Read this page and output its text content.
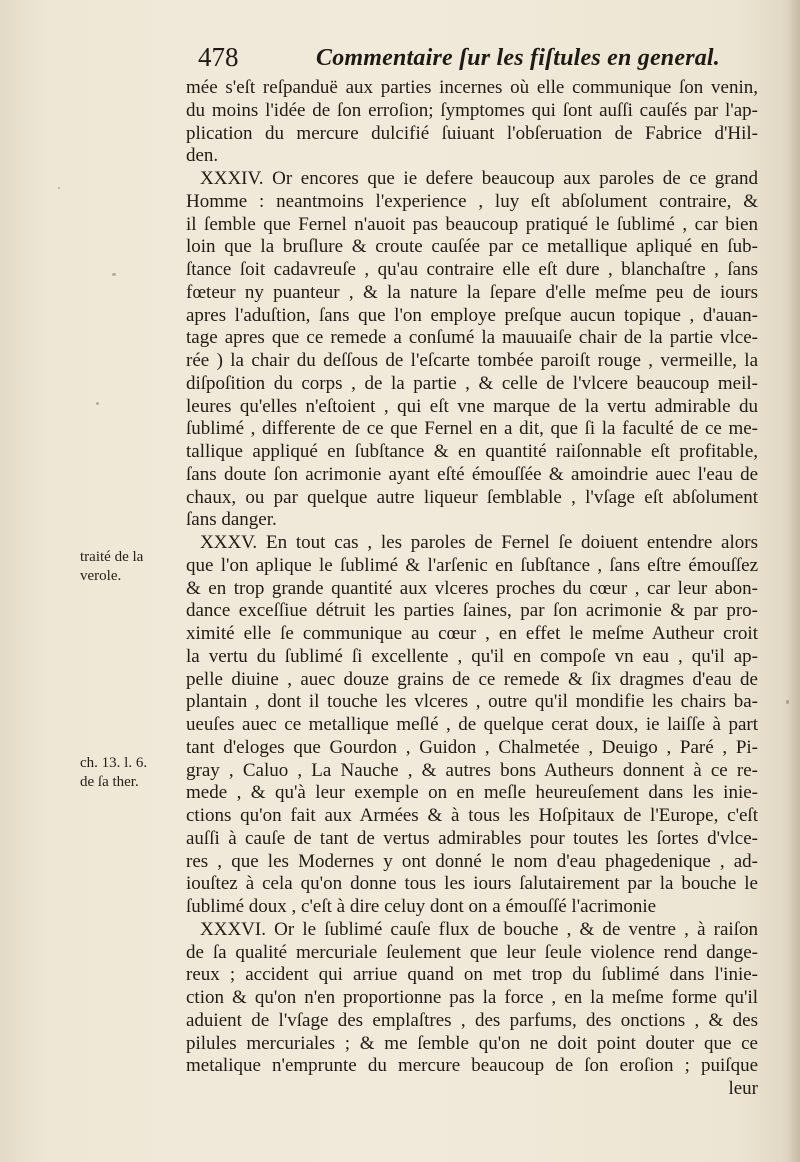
478	Commentaire ſur les fiſtules en general.
mée s'eſt reſpanduë aux parties incernes où elle communique ſon venin,
du moins l'idée de ſon erroſion; ſymptomes qui ſont auſſi cauſés par l'ap-
plication du mercure dulcifié ſuiuant l'obſeruation de Fabrice d'Hil-
den.
XXXIV. Or encores que ie defere beaucoup aux paroles de ce grand
Homme : neantmoins l'experience , luy eſt abſolument contraire, &
il ſemble que Fernel n'auoit pas beaucoup pratiqué le ſublimé , car bien
loin que la bruſlure & croute cauſée par ce metallique apliqué en ſub-
ſtance ſoit cadavreuſe , qu'au contraire elle eſt dure , blanchaſtre , ſans
fœteur ny puanteur , & la nature la ſepare d'elle meſme peu de iours
apres l'aduſtion, ſans que l'on employe preſque aucun topique , d'auan-
tage apres que ce remede a conſumé la mauuaiſe chair de la partie vlce-
rée ) la chair du deſſous de l'eſcarte tombée paroiſt rouge , vermeille, la
diſpoſition du corps , de la partie , & celle de l'vlcere beaucoup meil-
leures qu'elles n'eſtoient , qui eſt vne marque de la vertu admirable du
ſublimé , differente de ce que Fernel en a dit, que ſi la faculté de ce me-
tallique appliqué en ſubſtance & en quantité raiſonnable eſt profitable,
ſans doute ſon acrimonie ayant eſté émouſſée & amoindrie auec l'eau de
chaux, ou par quelque autre liqueur ſemblable , l'vſage eſt abſolument
ſans danger.
XXXV. En tout cas , les paroles de Fernel ſe doiuent entendre alors
que l'on aplique le ſublimé & l'arſenic en ſubſtance , ſans eſtre émouſſez
& en trop grande quantité aux vlceres proches du cœur , car leur abon-
dance exceſſiue détruit les parties ſaines, par ſon acrimonie & par pro-
ximité elle ſe communique au cœur , en effet le meſme Autheur croit
la vertu du ſublimé ſi excellente , qu'il en compoſe vn eau , qu'il ap-
pelle diuine , auec douze grains de ce remede & ſix dragmes d'eau de
plantain , dont il touche les vlceres , outre qu'il mondifie les chairs ba-
ueuſes auec ce metallique meſlé , de quelque cerat doux, ie laiſſe à part
tant d'eloges que Gourdon , Guidon , Chalmetée , Deuigo , Paré , Pi-
gray , Caluo , La Nauche , & autres bons Autheurs donnent à ce re-
mede , & qu'à leur exemple on en meſle heureuſement dans les inie-
ctions qu'on fait aux Armées & à tous les Hoſpitaux de l'Europe, c'eſt
auſſi à cauſe de tant de vertus admirables pour toutes les ſortes d'vlce-
res , que les Modernes y ont donné le nom d'eau phagedenique , ad-
iouſtez à cela qu'on donne tous les iours ſalutairement par la bouche le
ſublimé doux , c'eſt à dire celuy dont on a émouſſé l'acrimonie
XXXVI. Or le ſublimé cauſe flux de bouche , & de ventre , à raiſon
de ſa qualité mercuriale ſeulement que leur ſeule violence rend dange-
reux ; accident qui arriue quand on met trop du ſublimé dans l'inie-
ction & qu'on n'en proportionne pas la force , en la meſme forme qu'il
aduient de l'vſage des emplaſtres , des parfums, des onctions , & des
pilules mercuriales ; & me ſemble qu'on ne doit point douter que ce
metalique n'emprunte du mercure beaucoup de ſon eroſion ; puiſque
leur
traité de la
verole.
ch. 13. l. 6.
de ſa ther.
